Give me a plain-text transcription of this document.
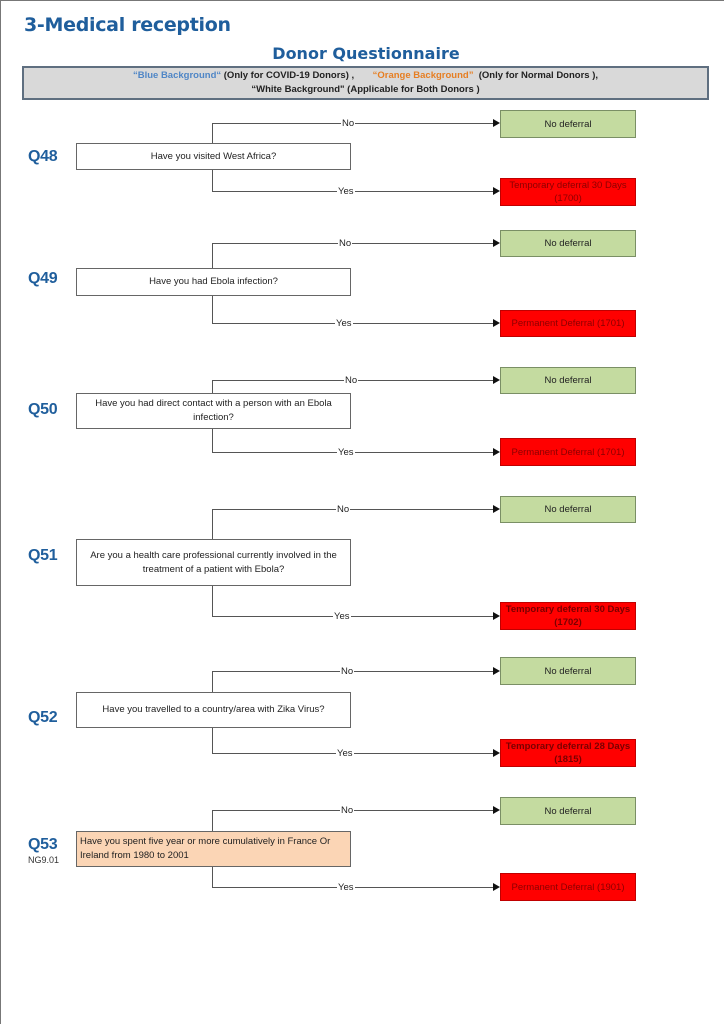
3-Medical reception
Donor Questionnaire
“Blue Background“ (Only for COVID-19 Donors) ,       “Orange Background”  (Only for Normal Donors ),
“White Background" (Applicable for Both Donors )
Q48	Have you visited West Africa?
No	No deferral
Yes
Temporary deferral 30 Days (1700)
Q49	Have you had Ebola infection?
No	No deferral
Yes	Permanent Deferral (1701)
Q50	Have you had direct contact with a person with an Ebola infection?
No	No deferral
Yes	Permanent Deferral (1701)
Q51	Are you a health care professional currently involved in the treatment of a patient with Ebola?
No	No deferral
Yes
Temporary deferral 30 Days (1702)
Q52	Have you travelled to a country/area with Zika Virus?
No	No deferral
Yes
Temporary deferral 28 Days (1815)
Q53
NG9.01
Have you spent five year or more cumulatively in France Or Ireland from 1980 to 2001
No	No deferral
Yes	Permanent Deferral (1901)
